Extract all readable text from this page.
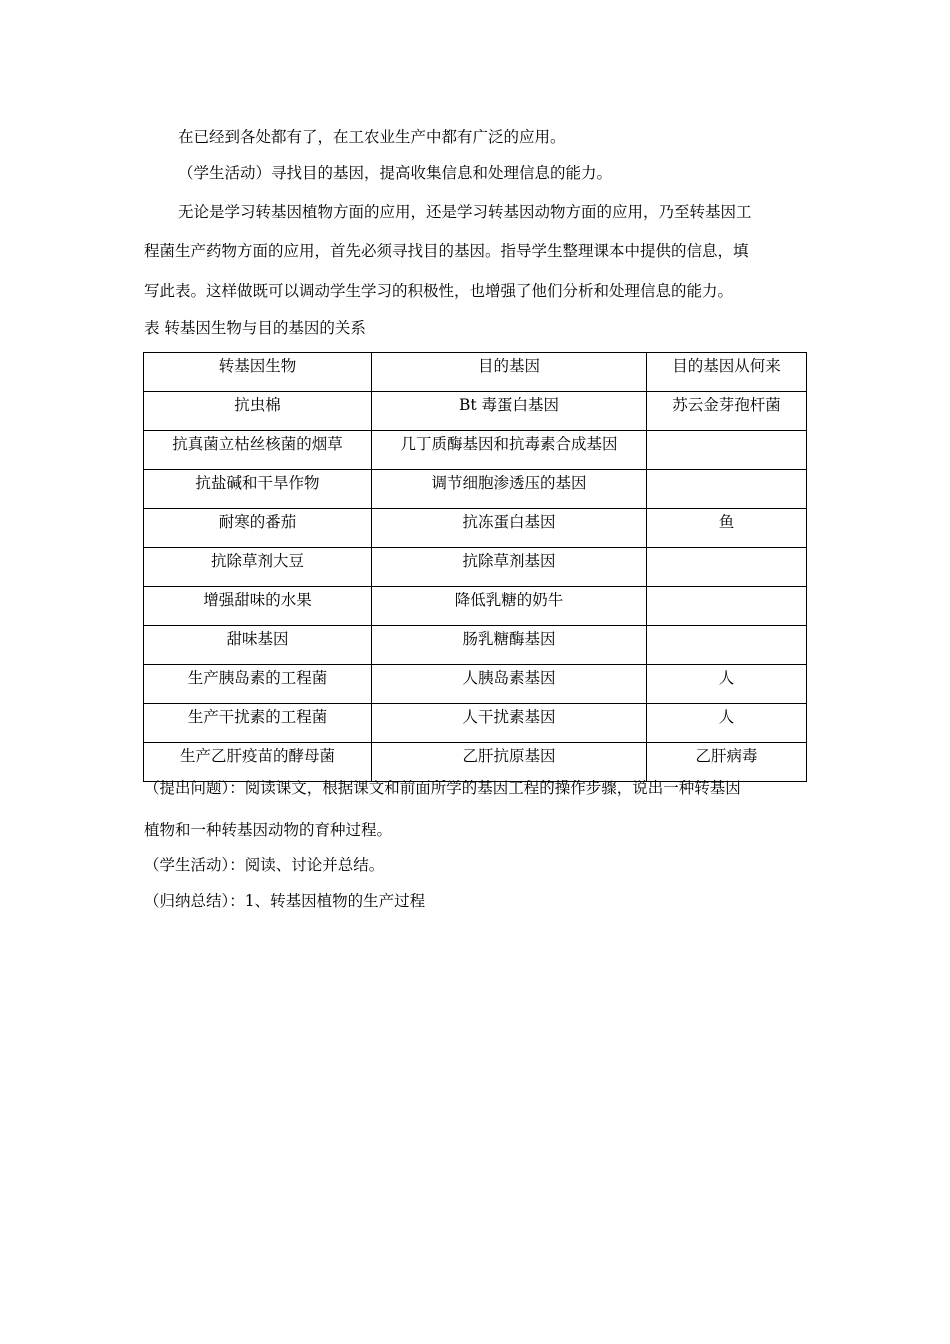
在已经到各处都有了，在工农业生产中都有广泛的应用。
（学生活动）寻找目的基因，提高收集信息和处理信息的能力。
无论是学习转基因植物方面的应用，还是学习转基因动物方面的应用，乃至转基因工
程菌生产药物方面的应用，首先必须寻找目的基因。指导学生整理课本中提供的信息，填
写此表。这样做既可以调动学生学习的积极性，也增强了他们分析和处理信息的能力。
表 转基因生物与目的基因的关系
转基因生物	目的基因	目的基因从何来
抗虫棉	Bt 毒蛋白基因	苏云金芽孢杆菌
抗真菌立枯丝核菌的烟草	几丁质酶基因和抗毒素合成基因	
抗盐碱和干旱作物	调节细胞渗透压的基因	
耐寒的番茄	抗冻蛋白基因	鱼
抗除草剂大豆	抗除草剂基因	
增强甜味的水果	降低乳糖的奶牛	
甜味基因	肠乳糖酶基因	
生产胰岛素的工程菌	人胰岛素基因	人
生产干扰素的工程菌	人干扰素基因	人
生产乙肝疫苗的酵母菌	乙肝抗原基因	乙肝病毒
（提出问题）：阅读课文，根据课文和前面所学的基因工程的操作步骤，说出一种转基因
植物和一种转基因动物的育种过程。
（学生活动）：阅读、讨论并总结。
（归纳总结）：1、转基因植物的生产过程
